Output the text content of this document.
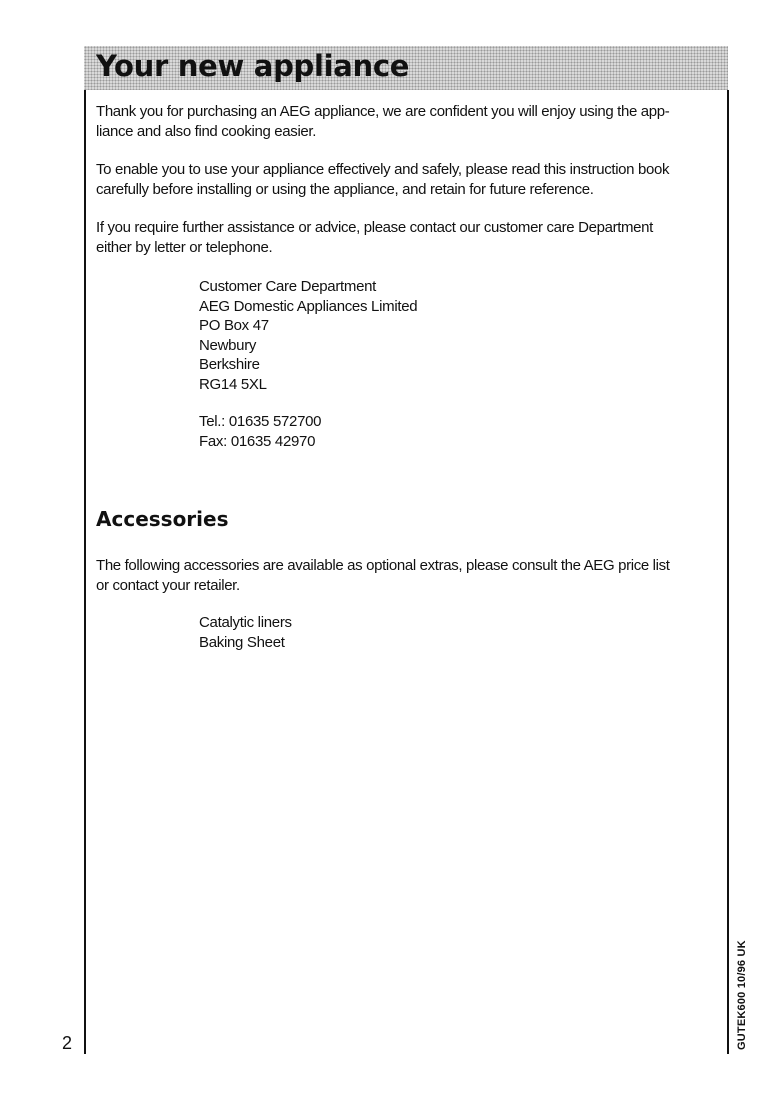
Your new appliance

Thank you for purchasing an AEG appliance, we are confident you will enjoy using the app-
liance and also find cooking easier.

To enable you to use your appliance effectively and safely, please read this instruction book
carefully before installing or using the appliance, and retain for future reference.

If you require further assistance or advice, please contact our customer care Department
either by letter or telephone.

Customer Care Department
AEG Domestic Appliances Limited
PO Box 47
Newbury
Berkshire
RG14 5XL
Tel.: 01635 572700
Fax: 01635 42970
Accessories

The following accessories are available as optional extras, please consult the AEG price list
or contact your retailer.

Catalytic liners
Baking Sheet
2	GUTEK600 10/96 UK
